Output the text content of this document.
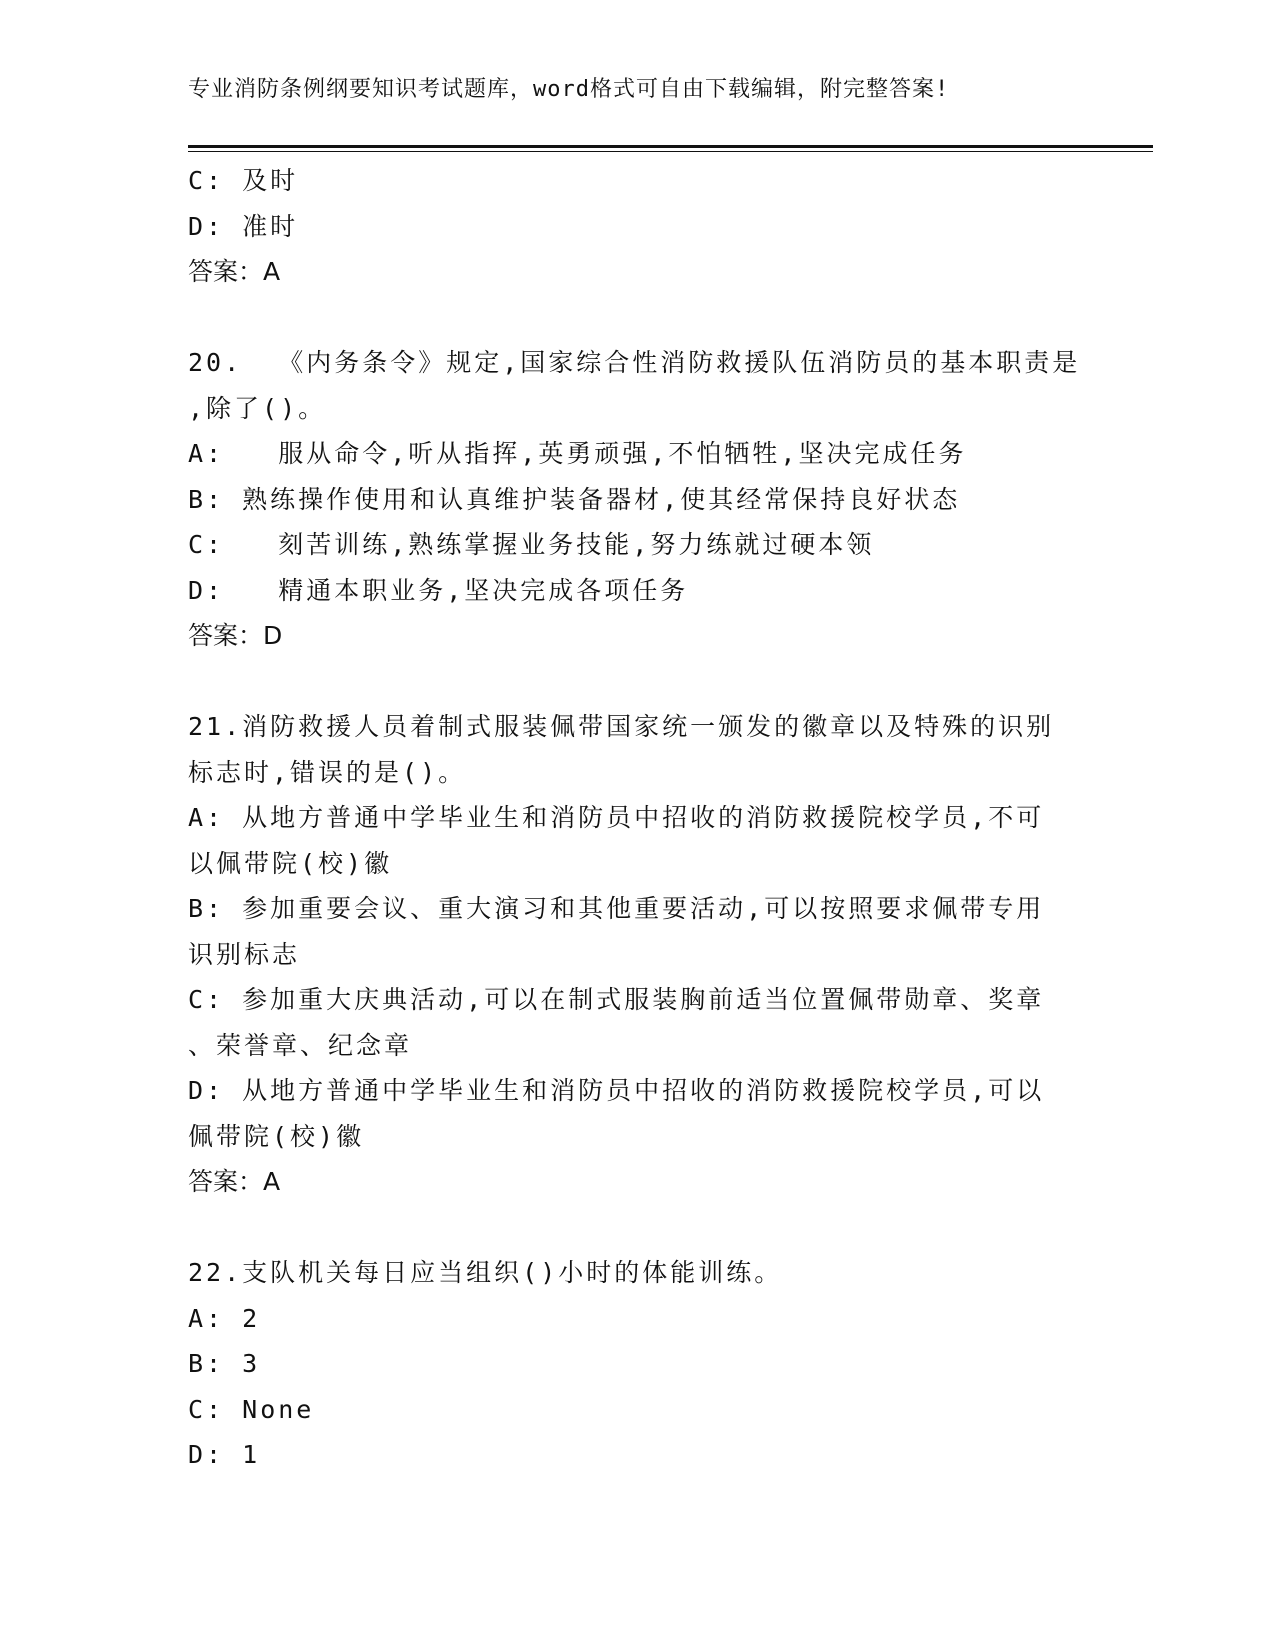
专业消防条例纲要知识考试题库，word格式可自由下载编辑，附完整答案!
C: 及时
D: 准时
答案：A
20.  《内务条令》规定,国家综合性消防救援队伍消防员的基本职责是
,除了()。
A:   服从命令,听从指挥,英勇顽强,不怕牺牲,坚决完成任务
B: 熟练操作使用和认真维护装备器材,使其经常保持良好状态
C:   刻苦训练,熟练掌握业务技能,努力练就过硬本领
D:   精通本职业务,坚决完成各项任务
答案：D
21.消防救援人员着制式服装佩带国家统一颁发的徽章以及特殊的识别
标志时,错误的是()。
A: 从地方普通中学毕业生和消防员中招收的消防救援院校学员,不可
以佩带院(校)徽
B: 参加重要会议、重大演习和其他重要活动,可以按照要求佩带专用
识别标志
C: 参加重大庆典活动,可以在制式服装胸前适当位置佩带勋章、奖章
、荣誉章、纪念章
D: 从地方普通中学毕业生和消防员中招收的消防救援院校学员,可以
佩带院(校)徽
答案：A
22.支队机关每日应当组织()小时的体能训练。
A: 2
B: 3
C: None
D: 1
